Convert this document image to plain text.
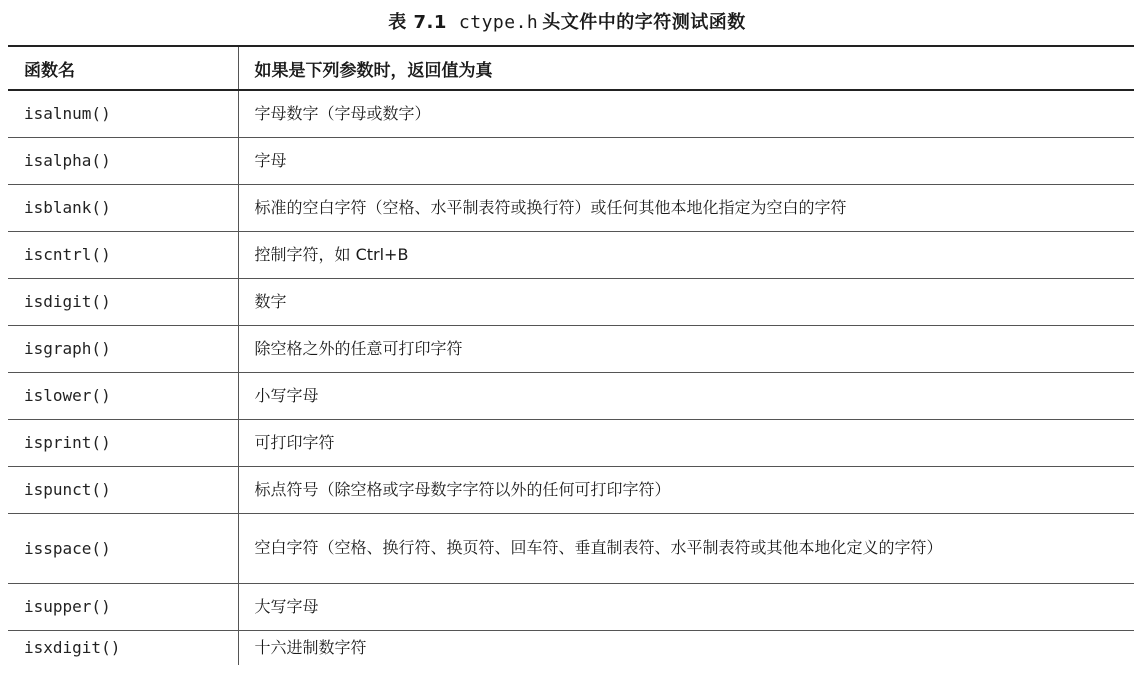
表 7.1 ctype.h 头文件中的字符测试函数
函数名	如果是下列参数时，返回值为真
isalnum()	字母数字（字母或数字）
isalpha()	字母
isblank()	标准的空白字符（空格、水平制表符或换行符）或任何其他本地化指定为空白的字符
iscntrl()	控制字符，如 Ctrl+B
isdigit()	数字
isgraph()	除空格之外的任意可打印字符
islower()	小写字母
isprint()	可打印字符
ispunct()	标点符号（除空格或字母数字字符以外的任何可打印字符）
isspace()	空白字符（空格、换行符、换页符、回车符、垂直制表符、水平制表符或其他本地化定义的字符）
isupper()	大写字母
isxdigit()	十六进制数字符
